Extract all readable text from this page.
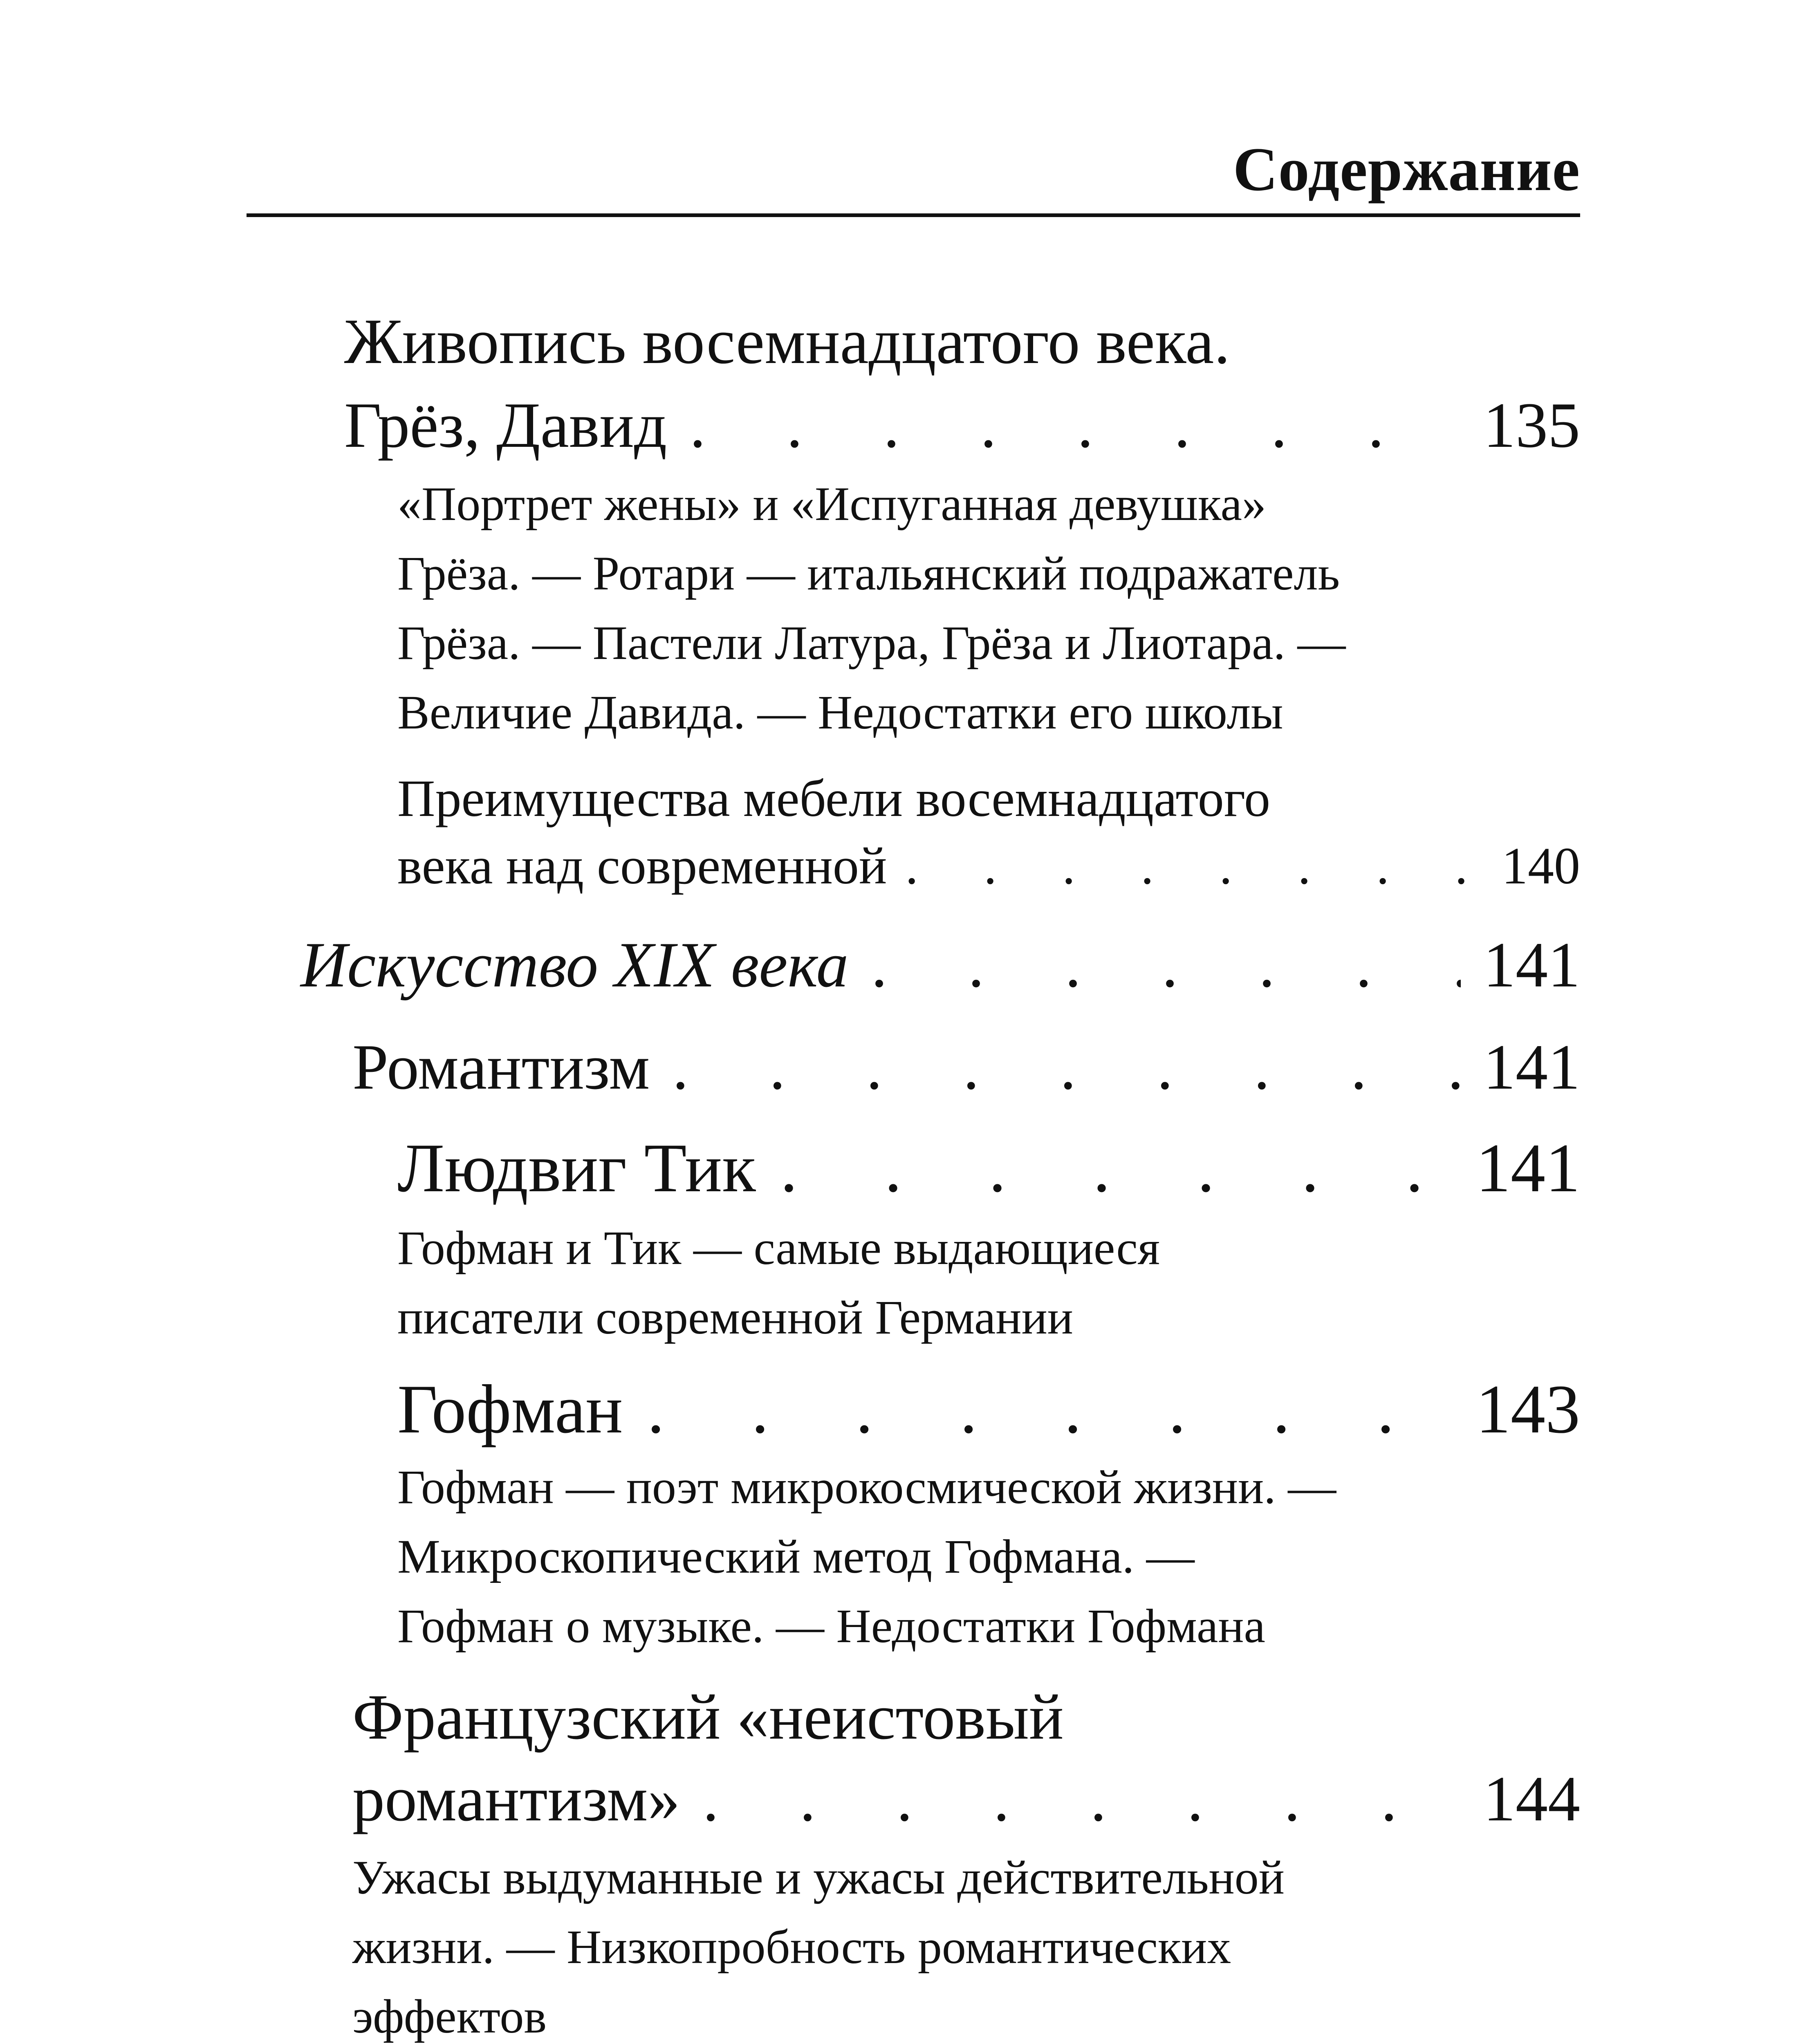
Содержание
Живопись восемнадцатого века.
Грёз, Давид . . .	135
«Портрет жены» и «Испуганная девушка»
Грёза. — Ротари — итальянский подражатель
Грёза. — Пастели Латура, Грёза и Лиотара. —
Величие Давида. — Недостатки его школы
Преимущества мебели восемнадцатого
века над современной . . .	140
Искусство XIX века . . .	141
Романтизм . . .	141
Людвиг Тик . . .	141
Гофман и Тик — самые выдающиеся
писатели современной Германии
Гофман . . .	143
Гофман — поэт микрокосмической жизни. —
Микроскопический метод Гофмана. —
Гофман о музыке. — Недостатки Гофмана
Французский «неистовый
романтизм» . . .	144
Ужасы выдуманные и ужасы действительной
жизни. — Низкопробность романтических
эффектов
